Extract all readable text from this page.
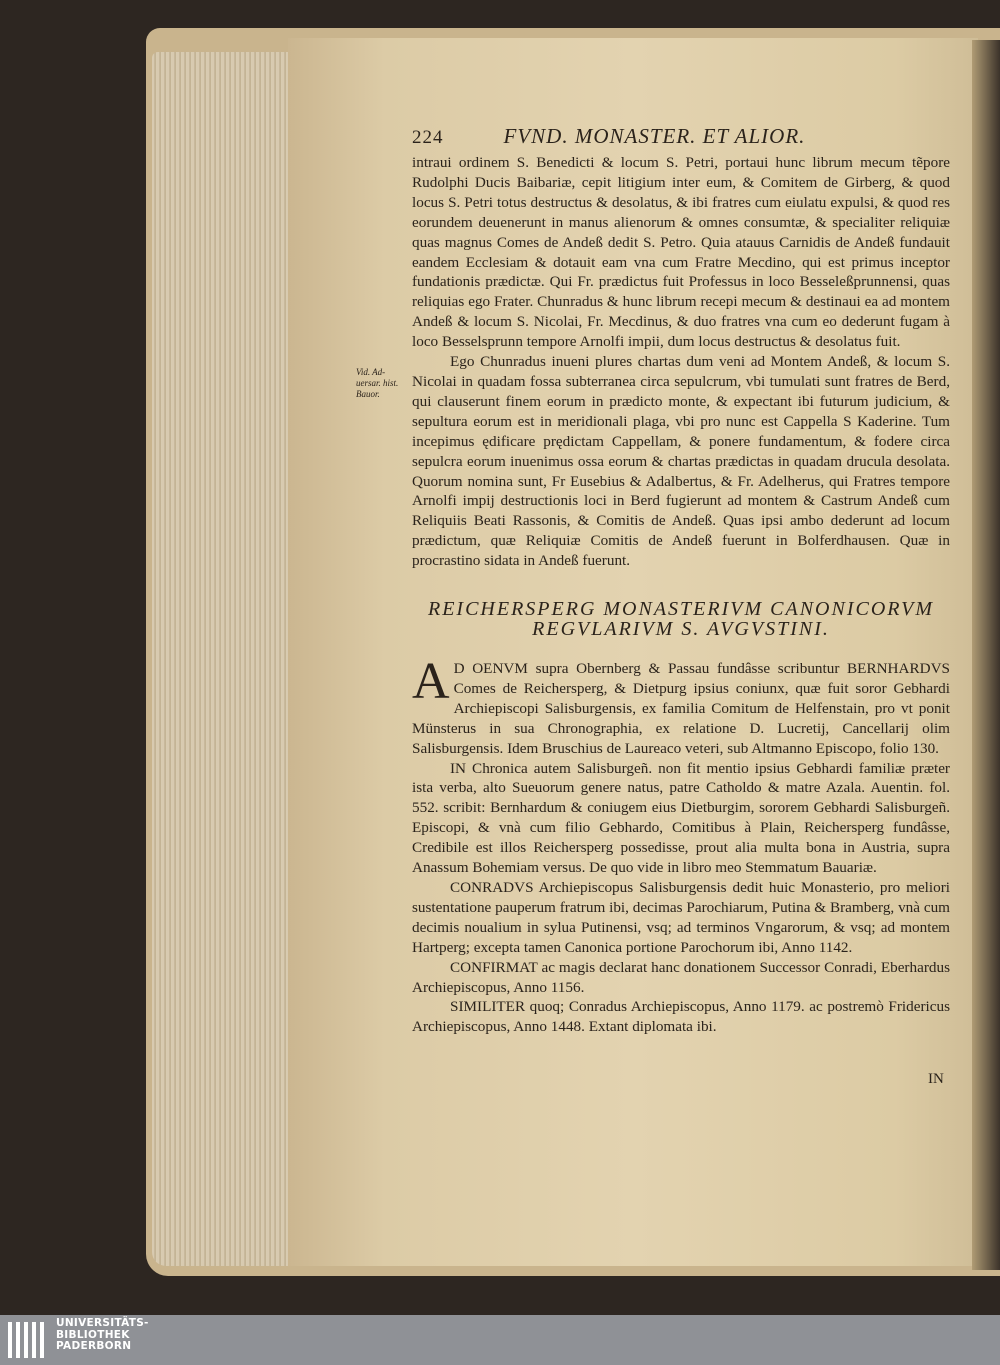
Vid. Ad-uersar. hist. Bauor.
224	FVND. MONASTER. ET ALIOR.

intraui ordinem S. Benedicti & locum S. Petri, portaui hunc librum mecum tẽpore Rudolphi Ducis Baibariæ, cepit litigium inter eum, & Comitem de Girberg, & quod locus S. Petri totus destructus & desolatus, & ibi fratres cum eiulatu expulsi, & quod res eorundem deuenerunt in manus alienorum & omnes consumtæ, & specialiter reliquiæ quas magnus Comes de Andeß dedit S. Petro. Quia atauus Carnidis de Andeß fundauit eandem Ecclesiam & dotauit eam vna cum Fratre Mecdino, qui est primus inceptor fundationis prædictæ. Qui Fr. prædictus fuit Professus in loco Besseleßprunnensi, quas reliquias ego Frater. Chunradus & hunc librum recepi mecum & destinaui ea ad montem Andeß & locum S. Nicolai, Fr. Mecdinus, & duo fratres vna cum eo dederunt fugam à loco Besselsprunn tempore Arnolfi impii, dum locus destructus & desolatus fuit.

Ego Chunradus inueni plures chartas dum veni ad Montem Andeß, & locum S. Nicolai in quadam fossa subterranea circa sepulcrum, vbi tumulati sunt fratres de Berd, qui clauserunt finem eorum in prædicto monte, & expectant ibi futurum judicium, & sepultura eorum est in meridionali plaga, vbi pro nunc est Cappella S Kaderine. Tum incepimus ędificare prędictam Cappellam, & ponere fundamentum, & fodere circa sepulcra eorum inuenimus ossa eorum & chartas prædictas in quadam drucula desolata. Quorum nomina sunt, Fr Eusebius & Adalbertus, & Fr. Adelherus, qui Fratres tempore Arnolfi impij destructionis loci in Berd fugierunt ad montem & Castrum Andeß cum Reliquiis Beati Rassonis, & Comitis de Andeß. Quas ipsi ambo dederunt ad locum prædictum, quæ Reliquiæ Comitis de Andeß fuerunt in Bolferdhausen. Quæ in procrastino sidata in Andeß fuerunt.

REICHERSPERG MONASTERIVM CANONICORVM REGVLARIVM S. AVGVSTINI.

A D OENVM supra Obernberg & Passau fundâsse scribuntur BERNHARDVS Comes de Reichersperg, & Dietpurg ipsius coniunx, quæ fuit soror Gebhardi Archiepiscopi Salisburgensis, ex familia Comitum de Helfenstain, pro vt ponit Münsterus in sua Chronographia, ex relatione D. Lucretij, Cancellarij olim Salisburgensis. Idem Bruschius de Laureaco veteri, sub Altmanno Episcopo, folio 130.

IN Chronica autem Salisburgeñ. non fit mentio ipsius Gebhardi familiæ præter ista verba, alto Sueuorum genere natus, patre Catholdo & matre Azala. Auentin. fol. 552. scribit: Bernhardum & coniugem eius Dietburgim, sororem Gebhardi Salisburgeñ. Episcopi, & vnà cum filio Gebhardo, Comitibus à Plain, Reichersperg fundâsse, Credibile est illos Reichersperg possedisse, prout alia multa bona in Austria, supra Anassum Bohemiam versus. De quo vide in libro meo Stemmatum Bauariæ.

CONRADVS Archiepiscopus Salisburgensis dedit huic Monasterio, pro meliori sustentatione pauperum fratrum ibi, decimas Parochiarum, Putina & Bramberg, vnà cum decimis noualium in sylua Putinensi, vsq; ad terminos Vngarorum, & vsq; ad montem Hartperg; excepta tamen Canonica portione Parochorum ibi, Anno 1142.

CONFIRMAT ac magis declarat hanc donationem Successor Conradi, Eberhardus Archiepiscopus, Anno 1156.

SIMILITER quoq; Conradus Archiepiscopus, Anno 1179. ac postremò Fridericus Archiepiscopus, Anno 1448. Extant diplomata ibi.

IN
UNIVERSITÄTS-
BIBLIOTHEK
PADERBORN
